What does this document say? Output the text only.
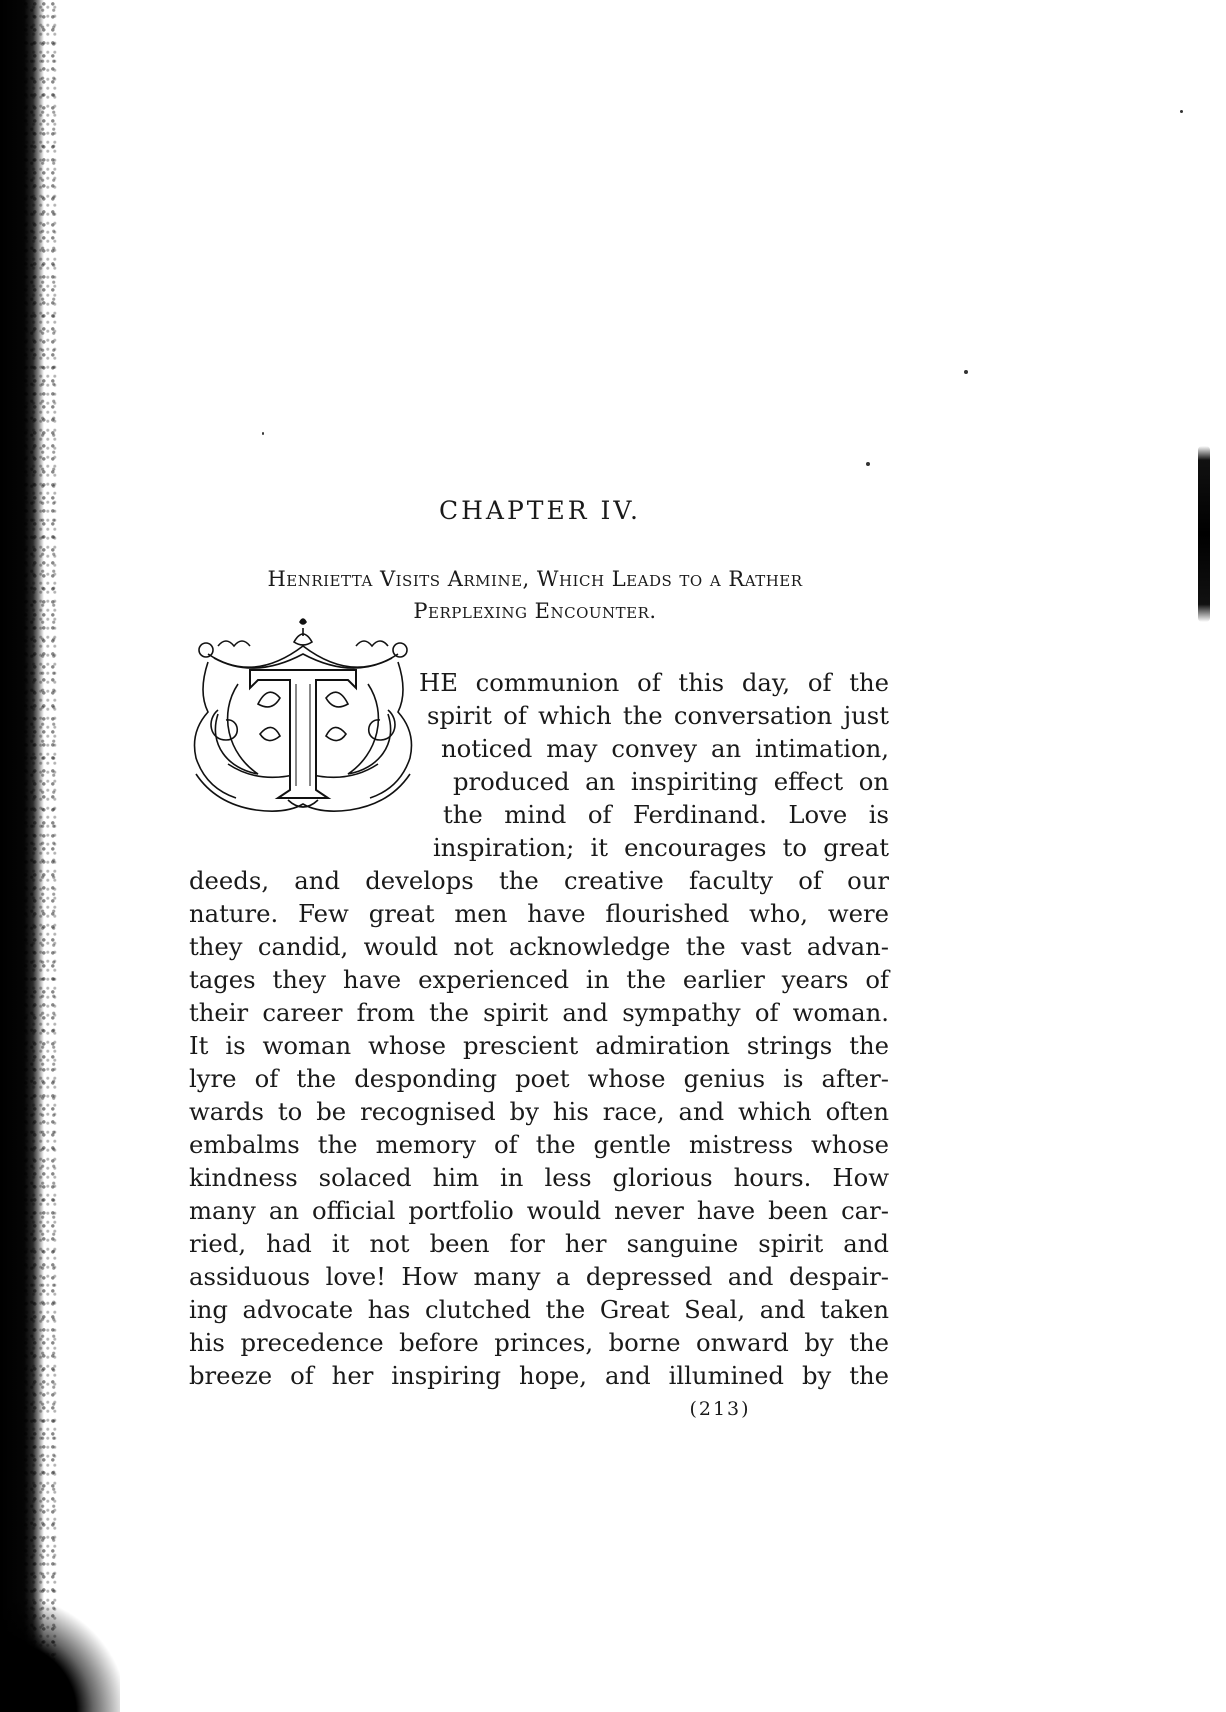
CHAPTER IV.
Henrietta Visits Armine, Which Leads to a Rather
Perplexing Encounter.
T
HE communion of this day, of the
spirit of which the conversation just
noticed may convey an intimation,
produced an inspiriting effect on
the mind of Ferdinand. Love is
inspiration; it encourages to great
deeds, and develops the creative faculty of our
nature. Few great men have flourished who, were
they candid, would not acknowledge the vast advan-
tages they have experienced in the earlier years of
their career from the spirit and sympathy of woman.
It is woman whose prescient admiration strings the
lyre of the desponding poet whose genius is after-
wards to be recognised by his race, and which often
embalms the memory of the gentle mistress whose
kindness solaced him in less glorious hours. How
many an official portfolio would never have been car-
ried, had it not been for her sanguine spirit and
assiduous love! How many a depressed and despair-
ing advocate has clutched the Great Seal, and taken
his precedence before princes, borne onward by the
breeze of her inspiring hope, and illumined by the
(213)
